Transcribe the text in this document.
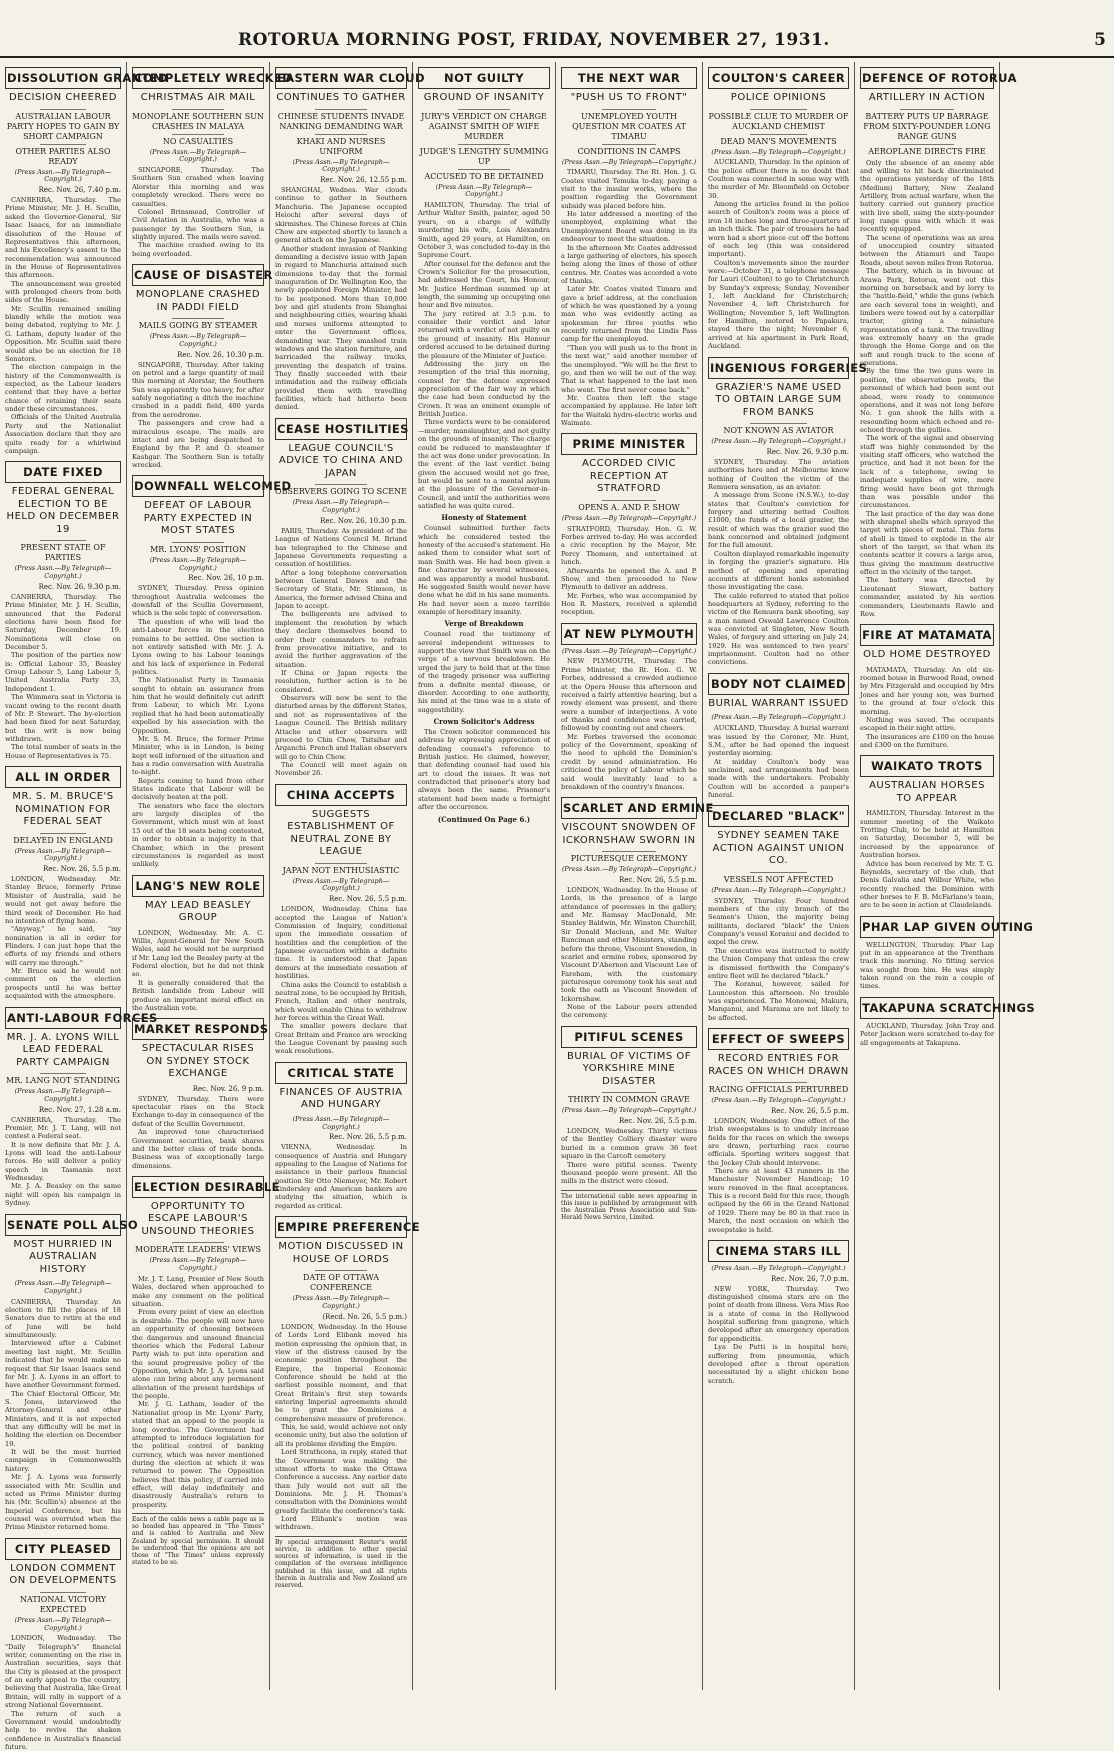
ROTORUA MORNING POST, FRIDAY, NOVEMBER 27, 1931.	5
DISSOLUTION GRANTED
DECISION CHEERED
AUSTRALIAN LABOUR PARTY HOPES TO GAIN BY SHORT CAMPAIGN
OTHER PARTIES ALSO READY
(Press Assn.—By Telegraph—Copyright.)
Rec. Nov. 26, 7.40 p.m.

CANBERRA, Thursday. The Prime Minister, Mr. J. H. Scullin, asked the Governor-General, Sir Isaac Isaacs, for an immediate dissolution of the House of Representatives this afternoon, and his Excellency's assent to the recommendation was announced in the House of Representatives this afternoon.

The announcement was greeted with prolonged cheers from both sides of the House.

Mr. Scullin remained smiling blandly while the motion was being debated, replying to Mr. J. G. Latham, deputy leader of the Opposition. Mr. Scullin said there would also be an election for 18 Senators.

The election campaign in the history of the Commonwealth is expected, as the Labour leaders contend that they have a better chance of retaining their seats under these circumstances.

Officials of the United Australia Party and the Nationalist Association declare that they are quite ready for a whirlwind campaign.

DATE FIXED
FEDERAL GENERAL ELECTION TO BE HELD ON DECEMBER 19
PRESENT STATE OF PARTIES
(Press Assn.—By Telegraph—Copyright.)
Rec. Nov. 26, 9.30 p.m.

CANBERRA, Thursday. The Prime Minister, Mr. J. H. Scullin, announced that the Federal elections have been fixed for Saturday, December 19. Nominations will close on December 5.

The position of the parties now is: Official Labour 35, Beasley Group Labour 5, Lang Labour 5, United Australia Party 33, Independent 1.

The Wimmera seat in Victoria is vacant owing to the recent death of Mr. P. Stewart. The by-election had been fixed for next Saturday, but the writ is now being withdrawn.

The total number of seats in the House of Representatives is 75.

ALL IN ORDER
MR. S. M. BRUCE'S NOMINATION FOR FEDERAL SEAT
DELAYED IN ENGLAND
(Press Assn.—By Telegraph—Copyright.)
Rec. Nov. 26, 5.5 p.m.

LONDON, Wednesday. Mr. Stanley Bruce, formerly Prime Minister of Australia, said he would not get away before the third week of December. He had no intention of flying home.

"Anyway," he said, "my nomination is all in order for Flinders. I can just hope that the efforts of my friends and others will carry me through."

Mr. Bruce said he would not comment on the election prospects until he was better acquainted with the atmosphere.

ANTI-LABOUR FORCES
MR. J. A. LYONS WILL LEAD FEDERAL PARTY CAMPAIGN
MR. LANG NOT STANDING
(Press Assn.—By Telegraph—Copyright.)
Rec. Nov. 27, 1.28 a.m.

CANBERRA, Thursday. The Premier, Mr. J. T. Lang, will not contest a Federal seat.

It is now definite that Mr. J. A. Lyons will lead the anti-Labour forces. He will deliver a policy speech in Tasmania next Wednesday.

Mr. J. A. Beasley on the same night will open his campaign in Sydney.

SENATE POLL ALSO
MOST HURRIED IN AUSTRALIAN HISTORY
(Press Assn.—By Telegraph—Copyright.)

CANBERRA, Thursday. An election to fill the places of 18 Senators due to retire at the end of June will be held simultaneously.

Interviewed after a Cabinet meeting last night, Mr. Scullin indicated that he would make no request that Sir Isaac Isaacs send for Mr. J. A. Lyons in an effort to have another Government formed.

The Chief Electoral Officer, Mr. S. Jones, interviewed the Attorney-General and other Ministers, and it is not expected that any difficulty will be met in holding the election on December 19.

It will be the most hurried campaign in Commonwealth history.

Mr. J. A. Lyons was formerly associated with Mr. Scullin and acted as Prime Minister during his (Mr. Scullin's) absence at the Imperial Conference, but his counsel was overruled when the Prime Minister returned home.

CITY PLEASED
LONDON COMMENT ON DEVELOPMENTS
NATIONAL VICTORY EXPECTED
(Press Assn.—By Telegraph—Copyright.)

LONDON, Wednesday. The "Daily Telegraph's" financial writer, commenting on the rise in Australian securities, says that the City is pleased at the prospect of an early appeal to the country, believing that Australia, like Great Britain, will rally in support of a strong National Government.

The return of such a Government would undoubtedly help to revive the shaken confidence in Australia's financial future.

COMPLETELY WRECKED
CHRISTMAS AIR MAIL
MONOPLANE SOUTHERN SUN CRASHES IN MALAYA
NO CASUALTIES
(Press Assn.—By Telegraph—Copyright.)

SINGAPORE, Thursday. The Southern Sun crashed when leaving Alorstar this morning and was completely wrecked. There were no casualties.

Colonel Brinsmead, Controller of Civil Aviation in Australia, who was a passenger by the Southern Sun, is slightly injured. The mails were saved.

The machine crashed owing to its being overloaded.

CAUSE OF DISASTER
MONOPLANE CRASHED IN PADDI FIELD
MAILS GOING BY STEAMER
(Press Assn.—By Telegraph—Copyright.)
Rec. Nov. 26, 10.30 p.m.

SINGAPORE, Thursday. After taking on petrol and a large quantity of mail this morning at Alorstar, the Southern Sun was apparently too heavy, for after safely negotiating a ditch the machine crashed in a paddi field, 400 yards from the aerodrome.

The passengers and crew had a miraculous escape. The mails are intact and are being despatched to England by the P. and O. steamer Kashgar. The Southern Sun is totally wrecked.

DOWNFALL WELCOMED
DEFEAT OF LABOUR PARTY EXPECTED IN MOST STATES
MR. LYONS' POSITION
(Press Assn.—By Telegraph—Copyright.)
Rec. Nov. 26, 10 p.m.

SYDNEY, Thursday. Press opinion throughout Australia welcomes the downfall of the Scullin Government, which is the sole topic of conversation.

The question of who will lead the anti-Labour forces in the election remains to be settled. One section is not entirely satisfied with Mr. J. A. Lyons owing to his Labour leanings and his lack of experience in Federal politics.

The Nationalist Party in Tasmania sought to obtain an assurance from him that he would definitely cut adrift from Labour, to which Mr. Lyons replied that he had been automatically expelled by his association with the Opposition.

Mr. S. M. Bruce, the former Prime Minister, who is in London, is being kept well informed of the situation and has a radio conversation with Australia to-night.

Reports coming to hand from other States indicate that Labour will be decisively beaten at the poll.

The senators who face the electors are largely disciples of the Government, which must win at least 15 out of the 18 seats being contested, in order to obtain a majority in that Chamber, which in the present circumstances is regarded as most unlikely.

LANG'S NEW ROLE
MAY LEAD BEASLEY GROUP

LONDON, Wednesday. Mr. A. C. Willis, Agent-General for New South Wales, said he would not be surprised if Mr. Lang led the Beasley party at the Federal election, but he did not think so.

It is generally considered that the British landslide from Labour will produce an important moral effect on the Australian vote.

MARKET RESPONDS
SPECTACULAR RISES ON SYDNEY STOCK EXCHANGE
Rec. Nov. 26, 9 p.m.

SYDNEY, Thursday. There were spectacular rises on the Stock Exchange to-day in consequence of the defeat of the Scullin Government.

An improved tone characterised Government securities, bank shares and the better class of trade bonds. Business was of exceptionally large dimensions.

ELECTION DESIRABLE
OPPORTUNITY TO ESCAPE LABOUR'S UNSOUND THEORIES
MODERATE LEADERS' VIEWS
(Press Assn.—By Telegraph—Copyright.)

Mr. J. T. Lang, Premier of New South Wales, declared when approached to make any comment on the political situation.

From every point of view an election is desirable. The people will now have an opportunity of choosing between the dangerous and unsound financial theories which the Federal Labour Party wish to put into operation and the sound progressive policy of the Opposition, which Mr. J. A. Lyons said alone can bring about any permanent alleviation of the present hardships of the people.

Mr. J. G. Latham, leader of the Nationalist group in Mr. Lyons' Party, stated that an appeal to the people is long overdue. The Government had attempted to introduce legislation for the political control of banking currency, which was never mentioned during the election at which it was returned to power. The Opposition believes that this policy, if carried into effect, will delay indefinitely and disastrously Australia's return to prosperity.

Each of the cable news a cable page as is so headed has appeared in "The Times" and is cabled to Australia and New Zealand by special permission. It should be understood that the opinions are not those of "The Times" unless expressly stated to be so.
EASTERN WAR CLOUD
CONTINUES TO GATHER
CHINESE STUDENTS INVADE NANKING DEMANDING WAR
KHAKI AND NURSES UNIFORM
(Press Assn.—By Telegraph—Copyright.)
Rec. Nov. 26, 12.55 p.m.

SHANGHAI, Wednes. War clouds continue to gather in Southern Manchuria. The Japanese occupied Heiochi after several days of skirmishes. The Chinese forces at Chin Chow are expected shortly to launch a general attack on the Japanese.

Another student invasion of Nanking demanding a decisive issue with Japan in regard to Manchuria attained such dimensions to-day that the formal inauguration of Dr. Wellington Koo, the newly appointed Foreign Minister, had to be postponed. More than 10,000 boy and girl students from Shanghai and neighbouring cities, wearing khaki and nurses uniforms attempted to enter the Government offices, demanding war. They smashed train windows and the station furniture, and barricaded the railway tracks, preventing the despatch of trains. They finally succeeded with their intimidation and the railway officials provided them with travelling facilities, which had hitherto been denied.

CEASE HOSTILITIES
LEAGUE COUNCIL'S ADVICE TO CHINA AND JAPAN
OBSERVERS GOING TO SCENE
(Press Assn.—By Telegraph—Copyright.)
Rec. Nov. 26, 10.30 p.m.

PARIS, Thursday. As president of the League of Nations Council M. Briand has telegraphed to the Chinese and Japanese Governments requesting a cessation of hostilities.

After a long telephone conversation between General Dawes and the Secretary of State, Mr. Stimson, in America, the former advised China and Japan to accept.

The belligerents are advised to implement the resolution by which they declare themselves bound to order their commanders to refrain from provocative initiative, and to avoid the further aggravation of the situation.

If China or Japan rejects the resolution, further action is to be considered.

Observers will now be sent to the disturbed areas by the different States, and not as representatives of the League Council. The British military Attache and other observers will proceed to Chin Chow, Tsitsihar and Arganchi. French and Italian observers will go to Chin Chow.

The Council will meet again on November 26.

CHINA ACCEPTS
SUGGESTS ESTABLISHMENT OF NEUTRAL ZONE BY LEAGUE
JAPAN NOT ENTHUSIASTIC
(Press Assn.—By Telegraph—Copyright.)
Rec. Nov. 26, 5.5 p.m.

LONDON, Wednesday. China has accepted the League of Nation's Commission of Inquiry, conditional upon the immediate cessation of hostilities and the completion of the Japanese evacuation within a definite time. It is understood that Japan demurs at the immediate cessation of hostilities.

China asks the Council to establish a neutral zone, to be occupied by British, French, Italian and other neutrals, which would enable China to withdraw her forces within the Great Wall.

The smaller powers declare that Great Britain and France are wrecking the League Covenant by passing such weak resolutions.

CRITICAL STATE
FINANCES OF AUSTRIA AND HUNGARY
(Press Assn.—By Telegraph—Copyright.)
Rec. Nov. 26, 5.5 p.m.

VIENNA, Wednesday. In consequence of Austria and Hungary appealing to the League of Nations for assistance in their parlous financial position Sir Otto Niemeyer, Mr. Robert Kindersley and American bankers are studying the situation, which is regarded as critical.

EMPIRE PREFERENCE
MOTION DISCUSSED IN HOUSE OF LORDS
DATE OF OTTAWA CONFERENCE
(Press Assn.—By Telegraph—Copyright.)
(Recd. No. 26, 5.5 p.m.)

LONDON, Wednesday. In the House of Lords Lord Elibank moved his motion expressing the opinion that, in view of the distress caused by the economic position throughout the Empire, the Imperial Economic Conference should be held at the earliest possible moment, and that Great Britain's first step towards entering Imperial agreements should be to grant the Dominions a comprehensive measure of preference.

This, he said, would achieve not only economic unity, but also the solution of all its problems dividing the Empire.

Lord Strathcona, in reply, stated that the Government was making the utmost efforts to make the Ottawa Conference a success. Any earlier date than July would not suit all the Dominions. Mr. J. H. Thomas's consultation with the Dominions would greatly facilitate the conference's task.

Lord Elibank's motion was withdrawn.

By special arrangement Reuter's world service, in addition to other special sources of information, is used in the compilation of the overseas intelligence published in this issue, and all rights therein in Australia and New Zealand are reserved.
NOT GUILTY
GROUND OF INSANITY
JURY'S VERDICT ON CHARGE AGAINST SMITH OF WIFE MURDER
JUDGE'S LENGTHY SUMMING UP
ACCUSED TO BE DETAINED
(Press Assn.—By Telegraph—Copyright.)

HAMILTON, Thursday. The trial of Arthur Walter Smith, painter, aged 50 years, on a charge of wilfully murdering his wife, Lois Alexandra Smith, aged 29 years, at Hamilton, on October 3, was concluded to-day in the Supreme Court.

After counsel for the defence and the Crown's Solicitor for the prosecution, had addressed the Court, his Honour, Mr. Justice Herdman summed up at length, the summing up occupying one hour and five minutes.

The jury retired at 3.5 p.m. to consider their verdict and later returned with a verdict of not guilty on the ground of insanity. His Honour ordered accused to be detained during the pleasure of the Minister of Justice.

Addressing the jury on the resumption of the trial this morning, counsel for the defence expressed appreciation of the fair way in which the case had been conducted by the Crown. It was an eminent example of British Justice.

Three verdicts were to be considered—murder, manslaughter, and not guilty on the grounds of insanity. The charge could be reduced to manslaughter if the act was done under provocation. In the event of the last verdict being given the accused would not go free, but would be sent to a mental asylum at the pleasure of the Governor-in-Council, and until the authorities were satisfied he was quite cured.

Honesty of Statement

Counsel submitted further facts which he considered tested the honesty of the accused's statement. He asked them to consider what sort of man Smith was. He had been given a fine character by several witnesses, and was apparently a model husband. He suggested Smith would never have done what he did in his sane moments. He had never seen a more terrible example of hereditary insanity.

Verge of Breakdown

Counsel read the testimony of several independent witnesses to support the view that Smith was on the verge of a nervous breakdown. He urged the jury to hold that at the time of the tragedy prisoner was suffering from a definite mental disease, or disorder. According to one authority, his mind at the time was in a state of suggestibility.

Crown Solicitor's Address

The Crown solicitor commenced his address by expressing appreciation of defending counsel's reference to British justice. He claimed, however, that defending counsel had used his art to cloud the issues. It was not contradicted that prisoner's story had always been the same. Prisoner's statement had been made a fortnight after the occurrence.

(Continued On Page 6.)
THE NEXT WAR
"PUSH US TO FRONT"
UNEMPLOYED YOUTH QUESTION MR COATES AT TIMARU
CONDITIONS IN CAMPS
(Press Assn.—By Telegraph—Copyright.)

TIMARU, Thursday. The Rt. Hon. J. G. Coates visited Temuka to-day, paying a visit to the insular works, where the position regarding the Government subsidy was placed before him.

He later addressed a meeting of the unemployed, explaining what the Unemployment Board was doing in its endeavour to meet the situation.

In the afternoon Mr. Coates addressed a large gathering of electors, his speech being along the lines of those of other centres. Mr. Coates was accorded a vote of thanks.

Later Mr. Coates visited Timaru and gave a brief address, at the conclusion of which he was questioned by a young man who was evidently acting as spokesman for three youths who recently returned from the Lindis Pass camp for the unemployed.

"Then you will push us to the front in the next war," said another member of the unemployed. "We will be the first to go, and then we will be out of the way. That is what happened to the last men who went. The first never come back."

Mr. Coates then left the stage accompanied by applause. He later left for the Waitaki hydro-electric works and Waimate.

PRIME MINISTER
ACCORDED CIVIC RECEPTION AT STRATFORD
OPENS A. AND P. SHOW
(Press Assn.—By Telegraph—Copyright.)

STRATFORD, Thursday. Hon. G. W. Forbes arrived to-day. He was accorded a civic reception by the Mayor, Mr. Percy Thomson, and entertained at lunch.

Afterwards he opened the A. and P. Show, and then proceeded to New Plymouth to deliver an address.

Mr. Forbes, who was accompanied by Hon R. Masters, received a splendid reception.

AT NEW PLYMOUTH
(Press Assn.—By Telegraph—Copyright.)

NEW PLYMOUTH, Thursday. The Prime Minister, the Rt. Hon. G. W. Forbes, addressed a crowded audience at the Opera House this afternoon and received a fairly attentive hearing, but a rowdy element was present, and there were a number of interjections. A vote of thanks and confidence was carried, followed by counting out and cheers.

Mr. Forbes traversed the economic policy of the Government, speaking of the need to uphold the Dominion's credit by sound administration. He criticised the policy of Labour which he said would inevitably lead to a breakdown of the country's finances.

SCARLET AND ERMINE
VISCOUNT SNOWDEN OF ICKORNSHAW SWORN IN
PICTURESQUE CEREMONY
(Press Assn.—By Telegraph—Copyright.)
Rec. Nov. 26, 5.5 p.m.

LONDON, Wednesday. In the House of Lords, in the presence of a large attendance of peeresses in the gallery, and Mr. Ramsay MacDonald, Mr. Stanley Baldwin, Mr. Winston Churchill, Sir Donald Maclean, and Mr. Walter Runciman and other Ministers, standing before the throne, Viscount Snowden, in scarlet and ermine robes, sponsored by Viscount D'Abernon and Viscount Lee of Fareham, with the customary picturesque ceremony took his seat and took the oath as Viscount Snowden of Ickornshaw.

None of the Labour peers attended the ceremony.

PITIFUL SCENES
BURIAL OF VICTIMS OF YORKSHIRE MINE DISASTER
THIRTY IN COMMON GRAVE
(Press Assn.—By Telegraph—Copyright.)
Rec. Nov. 26, 5.5 p.m.

LONDON, Wednesday. Thirty victims of the Bentley Colliery disaster were buried in a common grave 36 feet square in the Carcoft cemetery.

There were pitiful scenes. Twenty thousand people were present. All the mills in the district were closed.

The international cable news appearing in this issue is published by arrangement with the Australian Press Association and Sun-Herald News Service, Limited.
COULTON'S CAREER
POLICE OPINIONS
POSSIBLE CLUE TO MURDER OF AUCKLAND CHEMIST
DEAD MAN'S MOVEMENTS
(Press Assn.—By Telegraph—Copyright.)

AUCKLAND, Thursday. In the opinion of the police officer there is no doubt that Coulton was connected in some way with the murder of Mr. Bloomfield on October 30.

Among the articles found in the police search of Coulton's room was a piece of iron 18 inches long and three-quarters of an inch thick. The pair of trousers he had worn had a short piece cut off the bottom of each leg (this was considered important).

Coulton's movements since the murder were:—October 31, a telephone message for Lauri (Coulton) to go to Christchurch by Sunday's express; Sunday, November 1, left Auckland for Christchurch; November 4, left Christchurch for Wellington; November 5, left Wellington for Hamilton, motored to Papakura, stayed there the night; November 6, arrived at his apartment in Park Road, Auckland.

INGENIOUS FORGERIES
GRAZIER'S NAME USED TO OBTAIN LARGE SUM FROM BANKS
NOT KNOWN AS AVIATOR
(Press Assn.—By Telegraph—Copyright.)
Rec. Nov. 26, 9.30 p.m.

SYDNEY, Thursday. The aviation authorities here and at Melbourne know nothing of Coulton the victim of the Remuera sensation, as an aviator.

A message from Scone (N.S.W.), to-day states that Coulton's conviction for forgery and uttering netted Coulton £1000, the funds of a local grazier, the result of which was the grazier sued the bank concerned and obtained judgment for the full amount.

Coulton displayed remarkable ingenuity in forging the grazier's signature. His method of opening and operating accounts at different banks astonished those investigating the case.

The cable referred to stated that police headquarters at Sydney, referring to the victim of the Remuera bank shooting, say a man named Oswald Lawrence Coulton was convicted at Singleton, New South Wales, of forgery and uttering on July 24, 1929. He was sentenced to two years' imprisonment. Coulton had no other convictions.

BODY NOT CLAIMED
BURIAL WARRANT ISSUED
(Press Assn.—By Telegraph—Copyright.)

AUCKLAND, Thursday. A burial warrant was issued by the Coroner, Mr. Hunt, S.M., after he had opened the inquest yesterday morning.

At midday Coulton's body was unclaimed, and arrangements had been made with the undertakers. Probably Coulton will be accorded a pauper's funeral.

DECLARED "BLACK"
SYDNEY SEAMEN TAKE ACTION AGAINST UNION CO.
VESSELS NOT AFFECTED
(Press Assn.—By Telegraph—Copyright.)

SYDNEY, Thursday. Four hundred members of the city branch of the Seamen's Union, the majority being militants, declared "black" the Union Company's vessel Koranui and decided to expel the crew.

The executive was instructed to notify the Union Company that unless the crew is dismissed forthwith the Company's entire fleet will be declared "black."

The Koranui, however, sailed for Launceston this afternoon. No trouble was experienced. The Monowai, Makura, Manganui, and Marama are not likely to be affected.

EFFECT OF SWEEPS
RECORD ENTRIES FOR RACES ON WHICH DRAWN
RACING OFFICIALS PERTURBED
(Press Assn.—By Telegraph—Copyright.)
Rec. Nov. 26, 5.5 p.m.

LONDON, Wednesday. One effect of the Irish sweepstakes is to unduly increase fields for the races on which the sweeps are drawn, perturbing race course officials. Sporting writers suggest that the Jockey Club should intervene.

There are at least 43 runners in the Manchester November Handicap; 10 were removed in the final acceptances. This is a record field for this race, though eclipsed by the 66 in the Grand National of 1929. There may be 80 in that race in March, the next occasion on which the sweepstake is held.

CINEMA STARS ILL
(Press Assn.—By Telegraph—Copyright.)
Rec. Nov. 26, 7.0 p.m.

NEW YORK, Thursday. Two distinguished cinema stars are on the point of death from illness. Vera Miss Roe is a state of coma in the Hollywood hospital suffering from gangrene, which developed after an emergency operation for appendicitis.

Lya De Putti is in hospital here, suffering from pneumonia, which developed after a throat operation necessitated by a slight chicken bone scratch.

DEFENCE OF ROTORUA
ARTILLERY IN ACTION
BATTERY PUTS UP BARRAGE FROM SIXTY-POUNDER LONG RANGE GUNS
AEROPLANE DIRECTS FIRE

Only the absence of an enemy able and willing to hit back discriminated the operations yesterday of the 18th (Medium) Battery, New Zealand Artillery, from actual warfare, when the battery carried out gunnery practice with live shell, using the sixty-pounder long range guns with which it was recently equipped.

The scene of operations was an area of unoccupied country situated between the Atiamuri and Taupo Roads, about seven miles from Rotorua.

The battery, which is in bivouac at Arawa Park, Rotorua, went out this morning on horseback and by lorry to the "battle-field," while the guns (which are each several tons in weight), and limbers were towed out by a caterpillar tractor, giving a miniature representation of a tank. The travelling was extremely heavy on the grade through the Home Gorge and on the soft and rough track to the scene of operations.

By the time the two guns were in position, the observation posts, the personnel of which had been sent out ahead, were ready to commence operations, and it was not long before No. 1 gun shook the hills with a resounding boom which echoed and re-echoed through the gullies.

The work of the signal and observing staff was highly commended by the visiting staff officers, who watched the practice, and had it not been for the lack of a telephone, owing to inadequate supplies of wire, more firing would have been got through than was possible under the circumstances.

The last practice of the day was done with shrapnel shells which sprayed the target with pieces of metal. This form of shell is timed to explode in the air short of the target, so that when its contents scatter it covers a large area, thus giving the maximum destructive effect in the vicinity of the target.

The battery was directed by Lieutenant Stewart, battery commander, assisted by his section commanders, Lieutenants Rawle and Rew.

FIRE AT MATAMATA
OLD HOME DESTROYED

MATAMATA, Thursday. An old six-roomed house in Burwood Road, owned by Mrs Fitzgerald and occupied by Mrs Jones and her young son, was burned to the ground at four o'clock this morning.

Nothing was saved. The occupants escaped in their night attire.

The insurances are £100 on the house and £300 on the furniture.

WAIKATO TROTS
AUSTRALIAN HORSES TO APPEAR

HAMILTON, Thursday. Interest in the summer meeting of the Waikato Trotting Club, to be held at Hamilton on Saturday, December 5, will be increased by the appearance of Australian horses.

Advice has been received by Mr. T. G. Reynolds, secretary of the club, that Denis Galvalia and Wilbur White, who recently reached the Dominion with other horses to F. B. McFarlane's team, are to be seen in action at Claudelands.

PHAR LAP GIVEN OUTING

WELLINGTON, Thursday. Phar Lap put in an appearance at the Trentham track this morning. No fitting service was sought from him. He was simply taken round on the rein a couple of times.

TAKAPUNA SCRATCHINGS

AUCKLAND, Thursday. John Tray and Peter Jackson were scratched to-day for all engagements at Takapuna.
